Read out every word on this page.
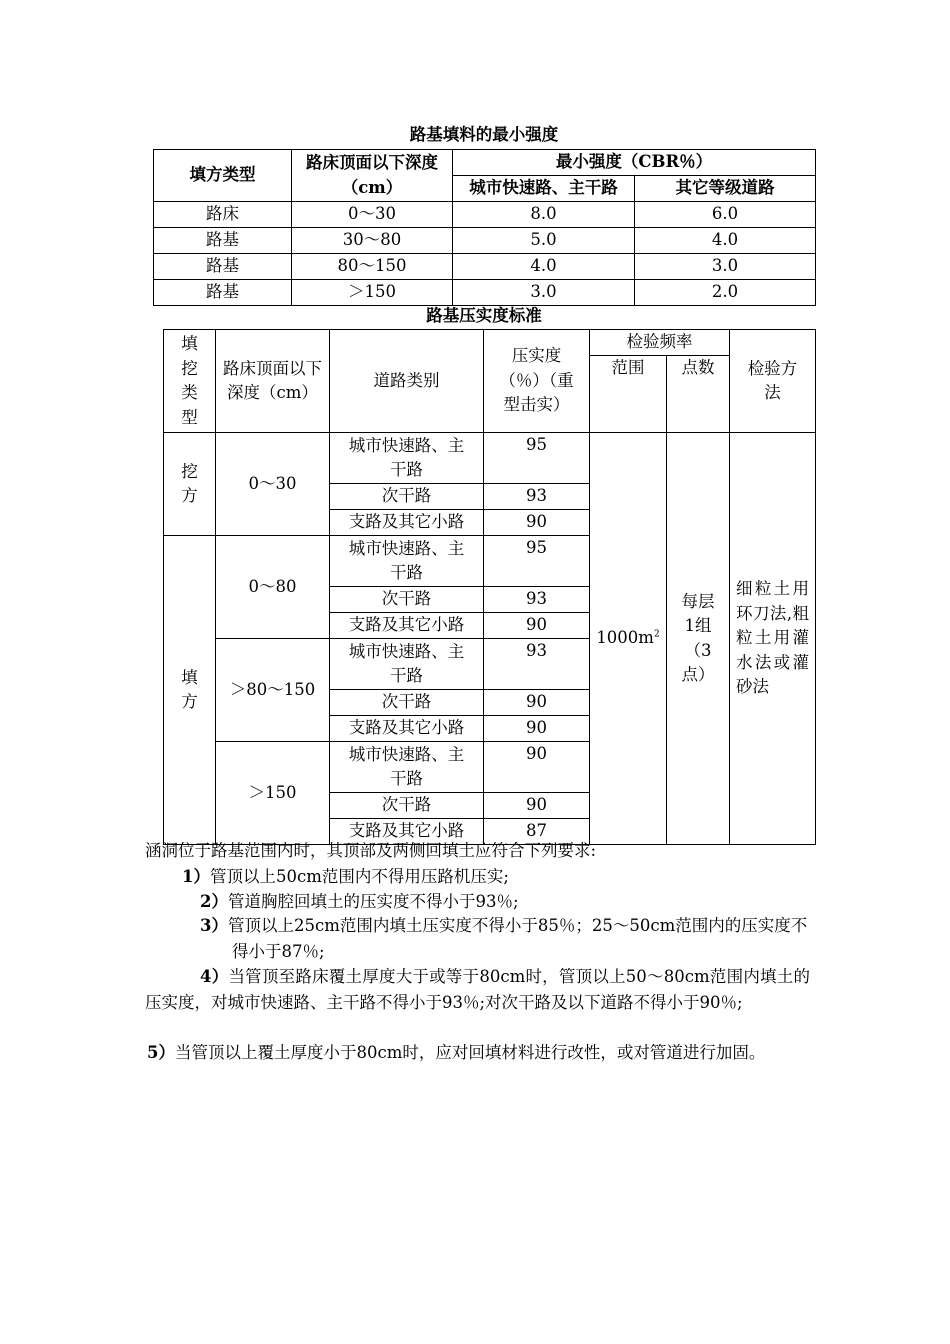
路基填料的最小强度
填方类型	路床顶面以下深度（cm）	最小强度（CBR％）	
		城市快速路、主干路	其它等级道路
路床	0～30	8.0	6.0
路基	30～80	5.0	4.0
路基	80～150	4.0	3.0
路基	＞150	3.0	2.0
路基压实度标准
填挖类型	路床顶面以下深度（cm）	道路类别	压实度（％）（重型击实）	检验频率		检验方法
				范围	点数	
挖方	0～30	城市快速路、主干路	95	$1000m^2$	每层1组（3点）	细粒土用环刀法,粗粒土用灌水法或灌砂法
		次干路	93			
		支路及其它小路	90			
填方	0～80	城市快速路、主干路	95			
		次干路	93			
		支路及其它小路	90			
	＞80～150	城市快速路、主干路	93			
		次干路	90			
		支路及其它小路	90			
	＞150	城市快速路、主干路	90			
		次干路	90			
		支路及其它小路	87			
涵洞位于路基范围内时，其顶部及两侧回填土应符合下列要求:
1）管顶以上50cm范围内不得用压路机压实;
2）管道胸腔回填土的压实度不得小于93％;
3）管顶以上25cm范围内填土压实度不得小于85％；25～50cm范围内的压实度不得小于87％;
4）当管顶至路床覆土厚度大于或等于80cm时，管顶以上50～80cm范围内填土的压实度，对城市快速路、主干路不得小于93％;对次干路及以下道路不得小于90％;
5）当管顶以上覆土厚度小于80cm时，应对回填材料进行改性，或对管道进行加固。
